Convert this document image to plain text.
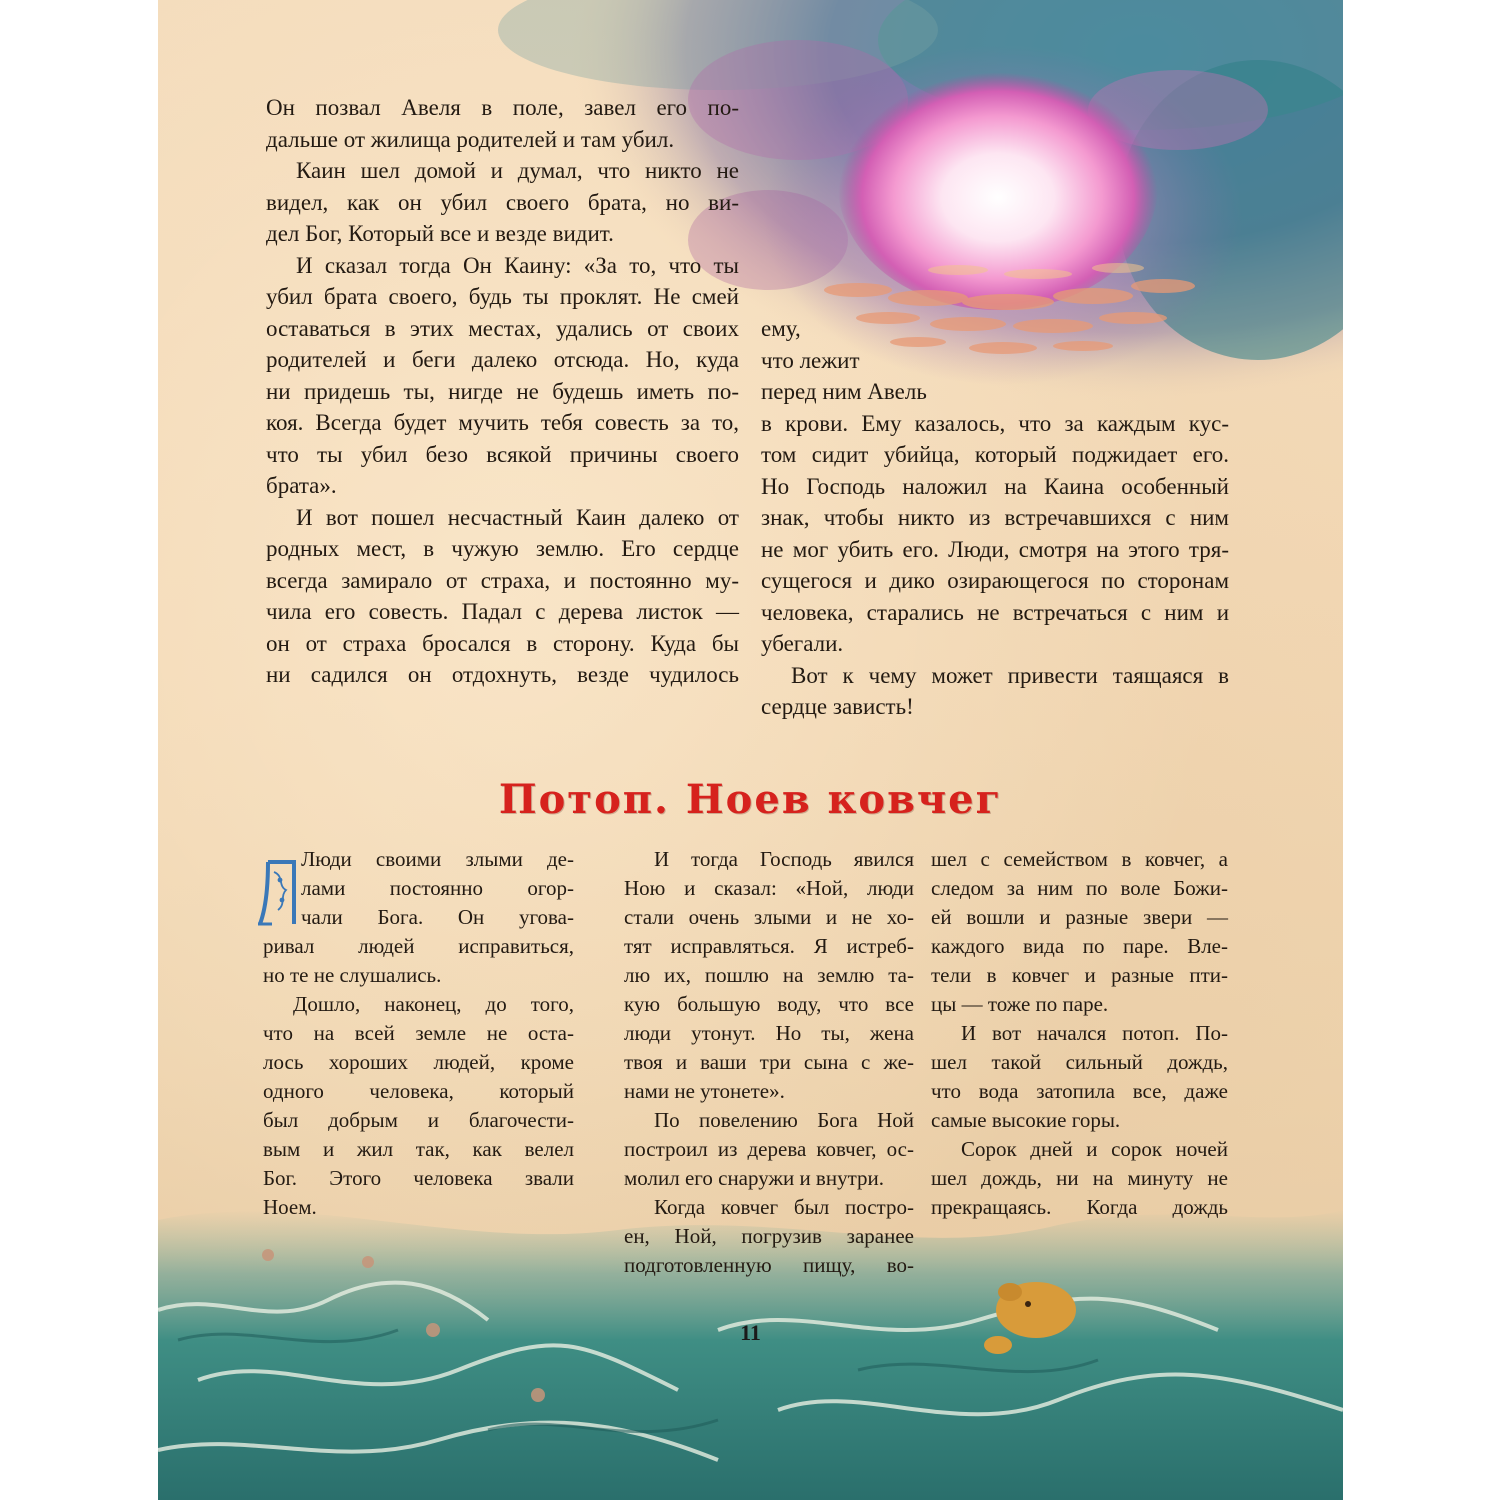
Он позвал Авеля в поле, завел его по-

дальше от жилища родителей и там убил.

Каин шел домой и думал, что никто не

видел, как он убил своего брата, но ви-

дел Бог, Который все и везде видит.

И сказал тогда Он Каину: «За то, что ты

убил брата своего, будь ты проклят. Не смей

оставаться в этих местах, удались от своих

родителей и беги далеко отсюда. Но, куда

ни придешь ты, нигде не будешь иметь по-

коя. Всегда будет мучить тебя совесть за то,

что ты убил безо всякой причины своего

брата».

И вот пошел несчастный Каин далеко от

родных мест, в чужую землю. Его сердце

всегда замирало от страха, и постоянно му-

чила его совесть. Падал с дерева листок —

он от страха бросался в сторону. Куда бы

ни садился он отдохнуть, везде чудилось

ему,

что лежит

перед ним Авель

в крови. Ему казалось, что за каждым кус-

том сидит убийца, который поджидает его.

Но Господь наложил на Каина особенный

знак, чтобы никто из встречавшихся с ним

не мог убить его. Люди, смотря на этого тря-

сущегося и дико озирающегося по сторонам

человека, старались не встречаться с ним и

убегали.

Вот к чему может привести таящаяся в

сердце зависть!

Потоп. Ноев ковчег

Люди своими злыми де-

лами постоянно огор-

чали Бога. Он угова-

ривал людей исправиться,

но те не слушались.

Дошло, наконец, до того,

что на всей земле не оста-

лось хороших людей, кроме

одного человека, который

был добрым и благочести-

вым и жил так, как велел

Бог. Этого человека звали

Ноем.

И тогда Господь явился

Ною и сказал: «Ной, люди

стали очень злыми и не хо-

тят исправляться. Я истреб-

лю их, пошлю на землю та-

кую большую воду, что все

люди утонут. Но ты, жена

твоя и ваши три сына с же-

нами не утонете».

По повелению Бога Ной

построил из дерева ковчег, ос-

молил его снаружи и внутри.

Когда ковчег был постро-

ен, Ной, погрузив заранее

подготовленную пищу, во-

шел с семейством в ковчег, а

следом за ним по воле Божи-

ей вошли и разные звери —

каждого вида по паре. Вле-

тели в ковчег и разные пти-

цы — тоже по паре.

И вот начался потоп. По-

шел такой сильный дождь,

что вода затопила все, даже

самые высокие горы.

Сорок дней и сорок ночей

шел дождь, ни на минуту не

прекращаясь. Когда дождь

11
